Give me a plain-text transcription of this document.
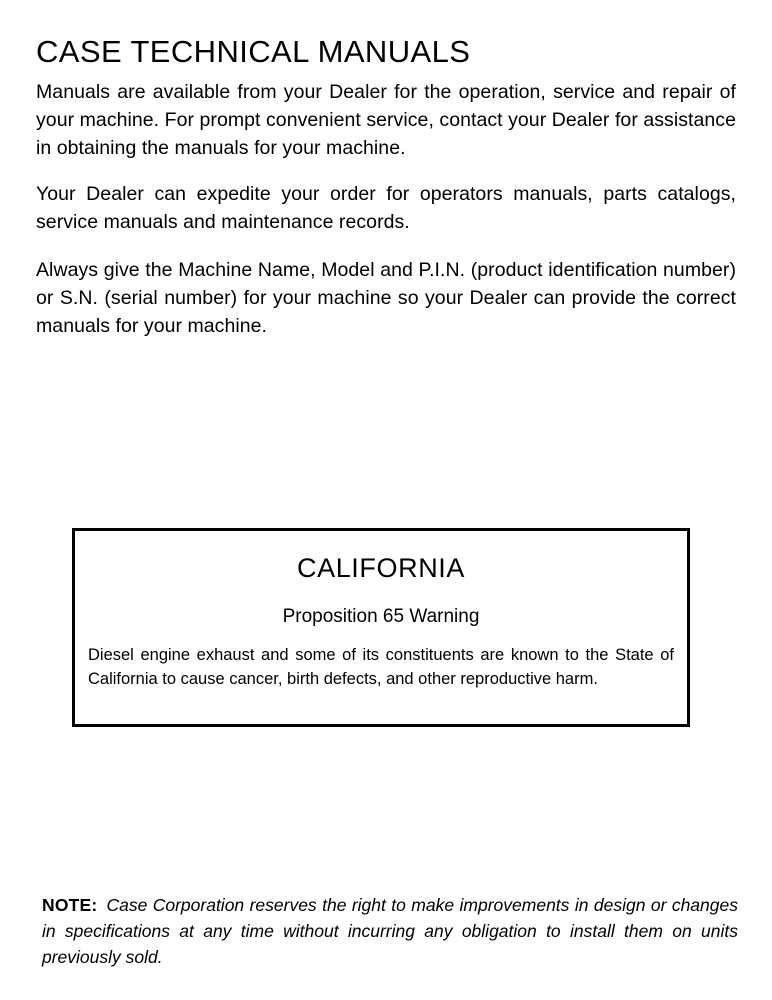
CASE TECHNICAL MANUALS

Manuals are available from your Dealer for the operation, service and repair of your machine. For prompt convenient service, contact your Dealer for assistance in obtaining the manuals for your machine.

Your Dealer can expedite your order for operators manuals, parts catalogs, service manuals and maintenance records.

Always give the Machine Name, Model and P.I.N. (product identification number) or S.N. (serial number) for your machine so your Dealer can provide the correct manuals for your machine.

CALIFORNIA
Proposition 65 Warning

Diesel engine exhaust and some of its constituents are known to the State of California to cause cancer, birth defects, and other reproductive harm.

NOTE: Case Corporation reserves the right to make improvements in design or changes in specifications at any time without incurring any obligation to install them on units previously sold.
